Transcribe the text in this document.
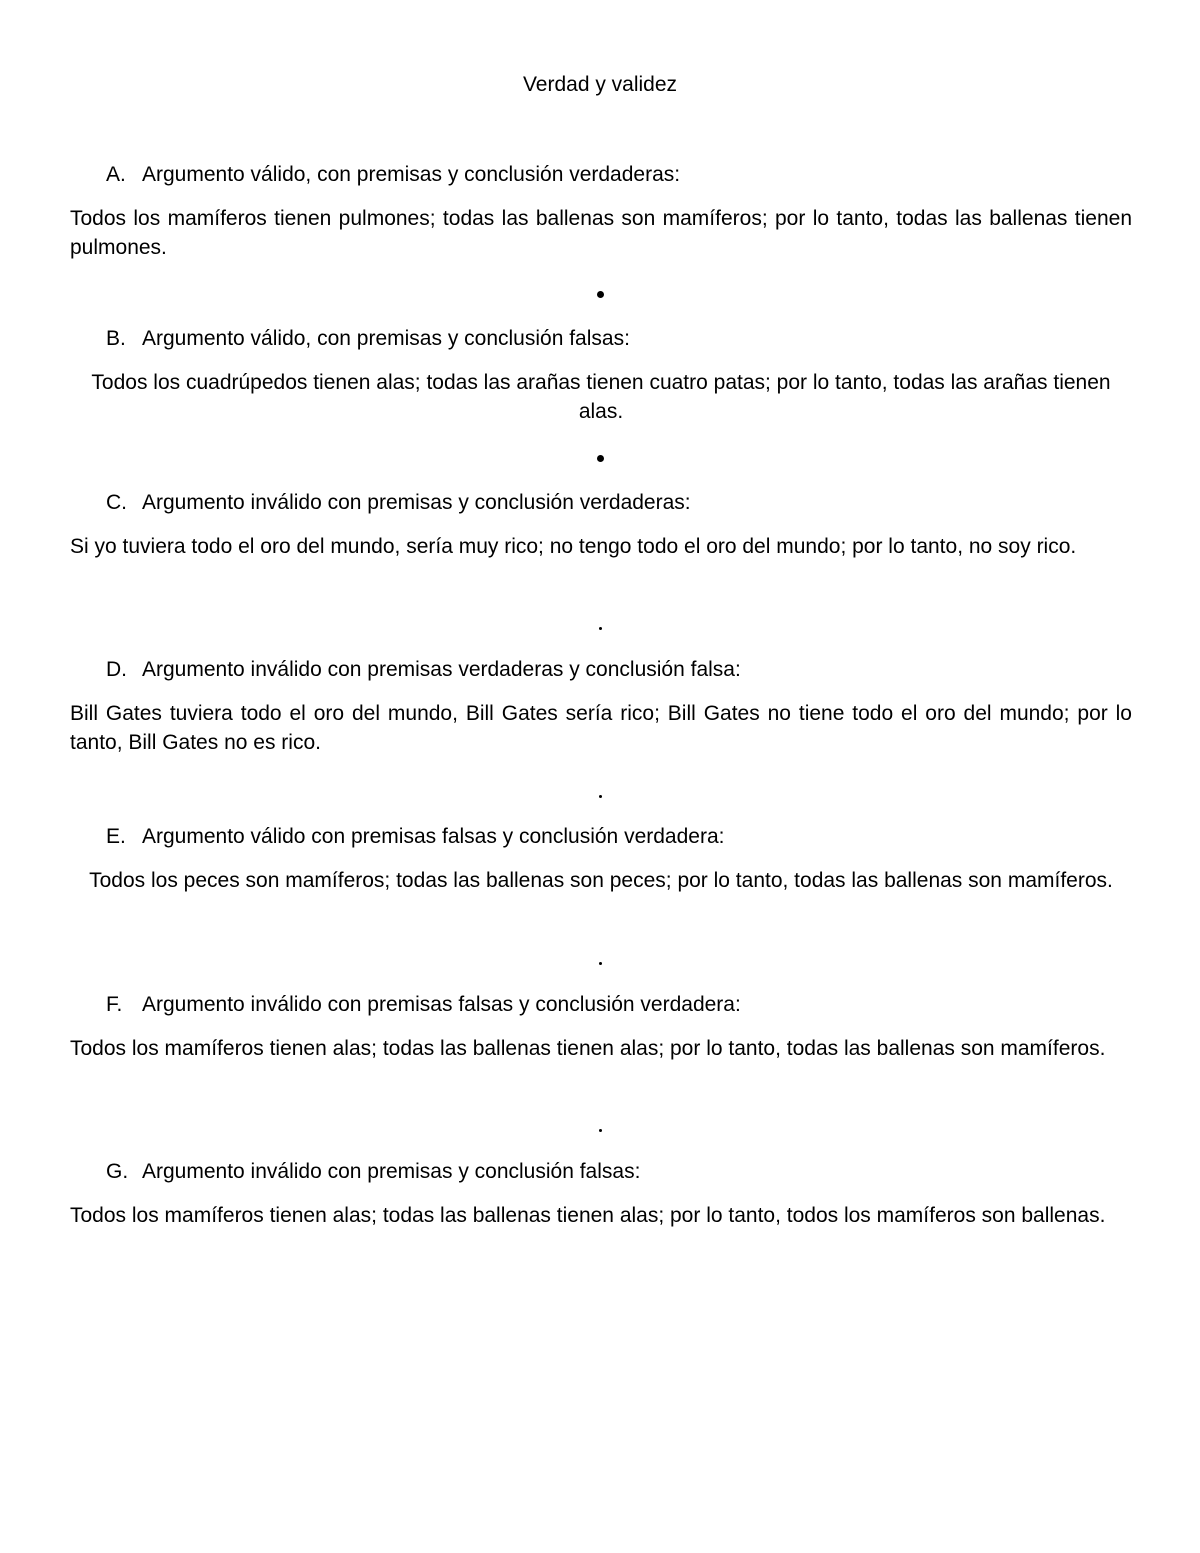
Verdad y validez
A. Argumento válido, con premisas y conclusión verdaderas:
Todos los mamíferos tienen pulmones; todas las ballenas son mamíferos; por lo tanto, todas las ballenas tienen pulmones.
B. Argumento válido, con premisas y conclusión falsas:
Todos los cuadrúpedos tienen alas; todas las arañas tienen cuatro patas; por lo tanto, todas las arañas tienen alas.
C. Argumento inválido con premisas y conclusión verdaderas:
Si yo tuviera todo el oro del mundo, sería muy rico; no tengo todo el oro del mundo; por lo tanto, no soy rico.
D. Argumento inválido con premisas verdaderas y conclusión falsa:
Bill Gates tuviera todo el oro del mundo, Bill Gates sería rico; Bill Gates no tiene todo el oro del mundo; por lo tanto, Bill Gates no es rico.
E. Argumento válido con premisas falsas y conclusión verdadera:
Todos los peces son mamíferos; todas las ballenas son peces; por lo tanto, todas las ballenas son mamíferos.
F. Argumento inválido con premisas falsas y conclusión verdadera:
Todos los mamíferos tienen alas; todas las ballenas tienen alas; por lo tanto, todas las ballenas son mamíferos.
G. Argumento inválido con premisas y conclusión falsas:
Todos los mamíferos tienen alas; todas las ballenas tienen alas; por lo tanto, todos los mamíferos son ballenas.
